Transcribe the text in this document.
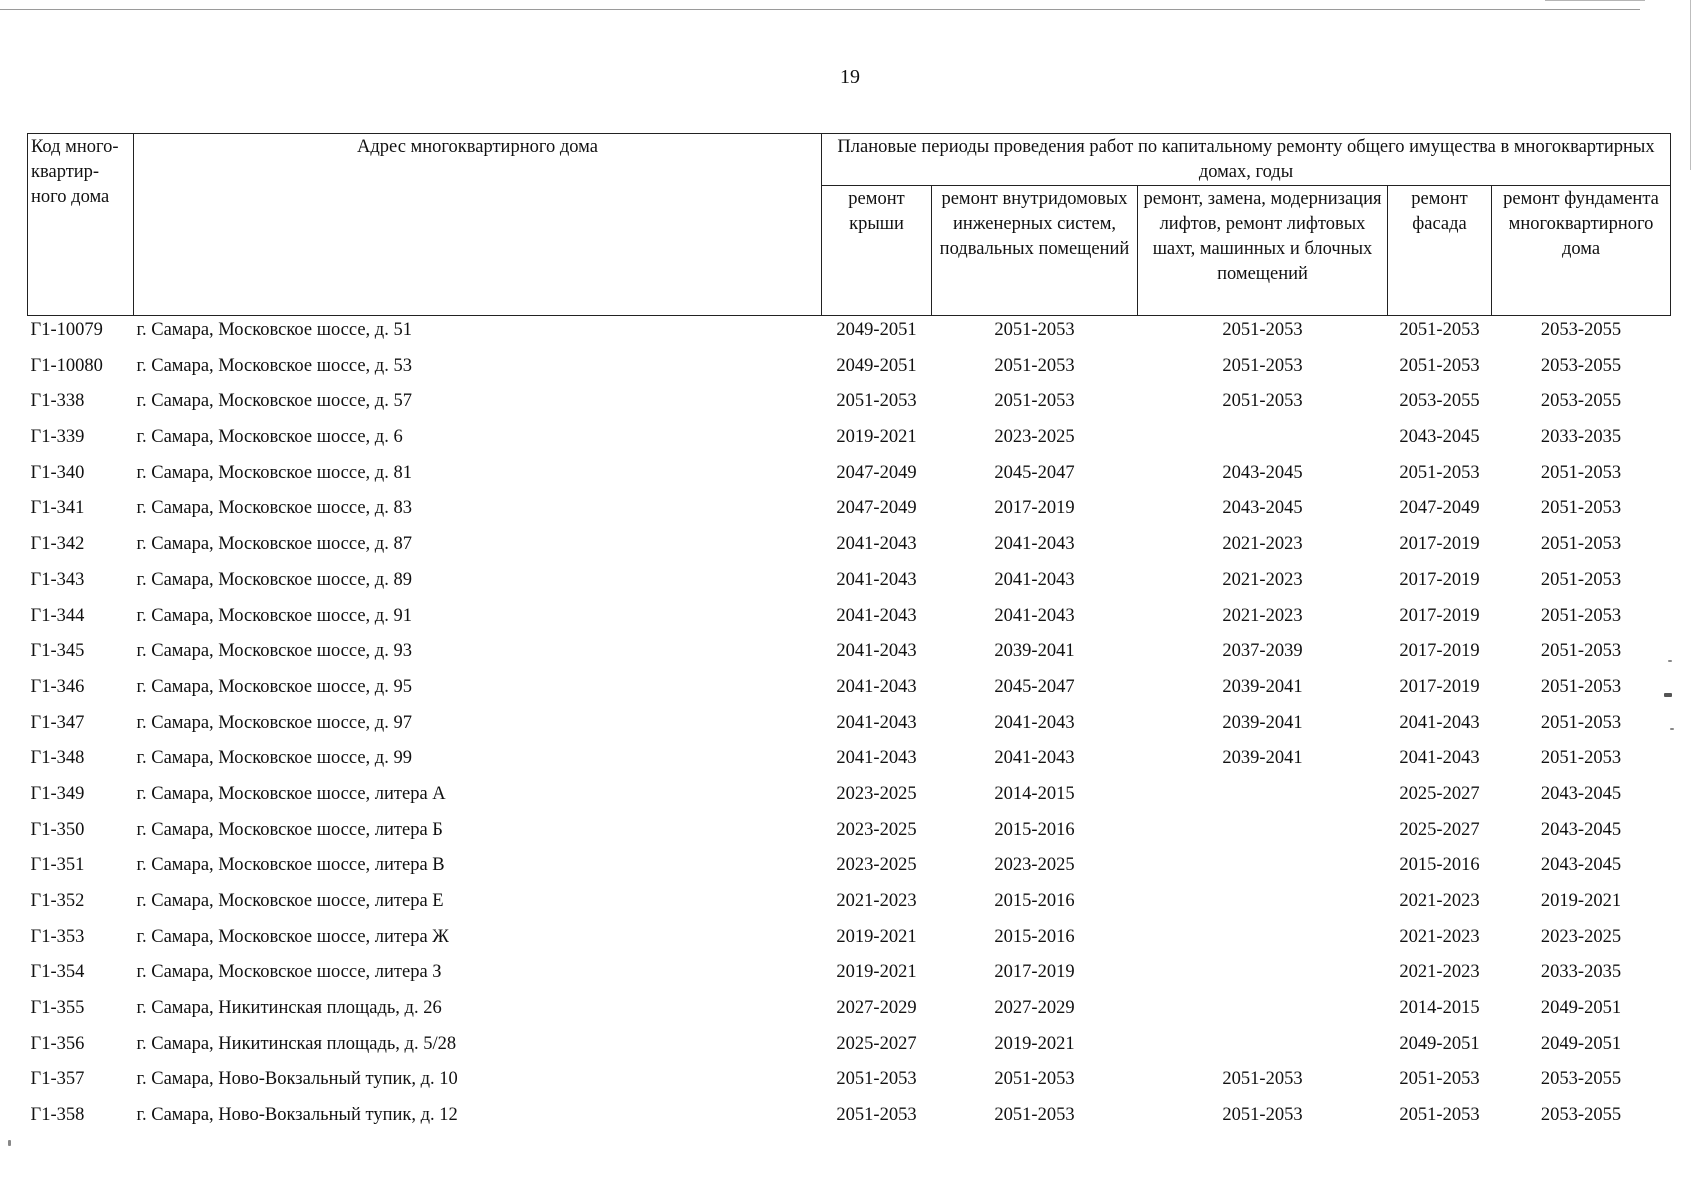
19
Код много-квартир-ного дома	Адрес многоквартирного дома	Плановые периоды проведения работ по капитальному ремонту общего имущества в многоквартирных домах, годы				
		ремонт крыши	ремонт внутридомовых инженерных систем, подвальных помещений	ремонт, замена, модернизация лифтов, ремонт лифтовых шахт, машинных и блочных помещений	ремонт фасада	ремонт фундамента многоквартирного дома
Г1-10079	г. Самара, Московское шоссе, д. 51	2049-2051	2051-2053	2051-2053	2051-2053	2053-2055
Г1-10080	г. Самара, Московское шоссе, д. 53	2049-2051	2051-2053	2051-2053	2051-2053	2053-2055
Г1-338	г. Самара, Московское шоссе, д. 57	2051-2053	2051-2053	2051-2053	2053-2055	2053-2055
Г1-339	г. Самара, Московское шоссе, д. 6	2019-2021	2023-2025		2043-2045	2033-2035
Г1-340	г. Самара, Московское шоссе, д. 81	2047-2049	2045-2047	2043-2045	2051-2053	2051-2053
Г1-341	г. Самара, Московское шоссе, д. 83	2047-2049	2017-2019	2043-2045	2047-2049	2051-2053
Г1-342	г. Самара, Московское шоссе, д. 87	2041-2043	2041-2043	2021-2023	2017-2019	2051-2053
Г1-343	г. Самара, Московское шоссе, д. 89	2041-2043	2041-2043	2021-2023	2017-2019	2051-2053
Г1-344	г. Самара, Московское шоссе, д. 91	2041-2043	2041-2043	2021-2023	2017-2019	2051-2053
Г1-345	г. Самара, Московское шоссе, д. 93	2041-2043	2039-2041	2037-2039	2017-2019	2051-2053
Г1-346	г. Самара, Московское шоссе, д. 95	2041-2043	2045-2047	2039-2041	2017-2019	2051-2053
Г1-347	г. Самара, Московское шоссе, д. 97	2041-2043	2041-2043	2039-2041	2041-2043	2051-2053
Г1-348	г. Самара, Московское шоссе, д. 99	2041-2043	2041-2043	2039-2041	2041-2043	2051-2053
Г1-349	г. Самара, Московское шоссе, литера А	2023-2025	2014-2015		2025-2027	2043-2045
Г1-350	г. Самара, Московское шоссе, литера Б	2023-2025	2015-2016		2025-2027	2043-2045
Г1-351	г. Самара, Московское шоссе, литера В	2023-2025	2023-2025		2015-2016	2043-2045
Г1-352	г. Самара, Московское шоссе, литера Е	2021-2023	2015-2016		2021-2023	2019-2021
Г1-353	г. Самара, Московское шоссе, литера Ж	2019-2021	2015-2016		2021-2023	2023-2025
Г1-354	г. Самара, Московское шоссе, литера З	2019-2021	2017-2019		2021-2023	2033-2035
Г1-355	г. Самара, Никитинская площадь, д. 26	2027-2029	2027-2029		2014-2015	2049-2051
Г1-356	г. Самара, Никитинская площадь, д. 5/28	2025-2027	2019-2021		2049-2051	2049-2051
Г1-357	г. Самара, Ново-Вокзальный тупик, д. 10	2051-2053	2051-2053	2051-2053	2051-2053	2053-2055
Г1-358	г. Самара, Ново-Вокзальный тупик, д. 12	2051-2053	2051-2053	2051-2053	2051-2053	2053-2055
